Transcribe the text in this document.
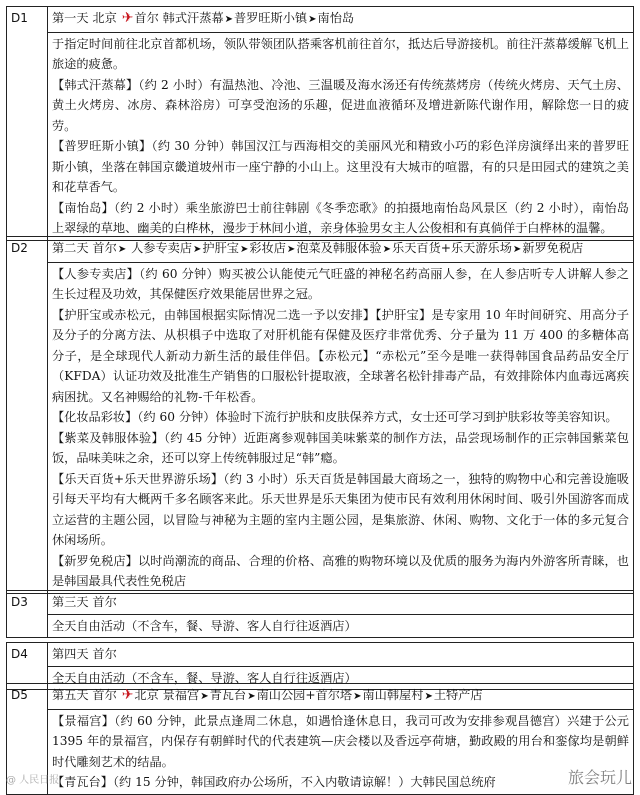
D1	第一天 北京 ✈首尔 韩式汗蒸幕➤普罗旺斯小镇➤南怡岛

于指定时间前往北京首都机场，领队带领团队搭乘客机前往首尔，抵达后导游接机。前往汗蒸幕缓解飞机上旅途的疲惫。

【韩式汗蒸幕】（约 2 小时）有温热池、冷池、三温暖及海水汤还有传统蒸烤房（传统火烤房、天气土房、黄土火烤房、冰房、森林浴房）可享受泡汤的乐趣，促进血液循环及增进新陈代谢作用，解除您一日的疲劳。

【普罗旺斯小镇】（约 30 分钟）韩国汉江与西海相交的美丽风光和精致小巧的彩色洋房演绎出来的普罗旺斯小镇，坐落在韩国京畿道坡州市一座宁静的小山上。这里没有大城市的喧嚣，有的只是田园式的建筑之美和花草香气。

【南怡岛】（约 2 小时）乘坐旅游巴士前往韩剧《冬季恋歌》的拍摄地南怡岛风景区（约 2 小时），南怡岛上翠绿的草地、幽美的白桦林，漫步于林间小道，亲身体验男女主人公俊相和有真倘佯于白桦林的温馨。

D2	第二天 首尔➤ 人参专卖店➤护肝宝➤彩妆店➤泡菜及韩服体验➤乐天百货+乐天游乐场➤新罗免税店

【人参专卖店】（约 60 分钟）购买被公认能使元气旺盛的神秘名药高丽人参，在人参店听专人讲解人参之生长过程及功效，其保健医疗效果能居世界之冠。

【护肝宝或赤松元，由韩国根据实际情况二选一予以安排】【护肝宝】是专家用 10 年时间研究、用高分子及分子的分离方法、从枳椇子中选取了对肝机能有保健及医疗非常优秀、分子量为 11 万 400 的多糖体高分子，是全球现代人新动力新生活的最佳伴侣。【赤松元】“赤松元”至今是唯一获得韩国食品药品安全厅（KFDA）认证功效及批准生产销售的口服松针提取液，全球著名松针排毒产品，有效排除体内血毒远离疾病困扰。又名神赐给的礼物-千年松香。

【化妆品彩妆】（约 60 分钟）体验时下流行护肤和皮肤保养方式，女士还可学习到护肤彩妆等美容知识。

【紫菜及韩服体验】（约 45 分钟）近距离参观韩国美味紫菜的制作方法，品尝现场制作的正宗韩国紫菜包饭，品味美味之余，还可以穿上传统韩服过足“韩”瘾。

【乐天百货+乐天世界游乐场】（约 3 小时）乐天百货是韩国最大商场之一，独特的购物中心和完善设施吸引每天平均有大概两千多名顾客来此。乐天世界是乐天集团为使市民有效利用休闲时间、吸引外国游客而成立运营的主题公园，以冒险与神秘为主题的室内主题公园，是集旅游、休闲、购物、文化于一体的多元复合休闲场所。

【新罗免税店】以时尚潮流的商品、合理的价格、高雅的购物环境以及优质的服务为海内外游客所青睐，也是韩国最具代表性免税店

D3	第三天 首尔

全天自由活动（不含车，餐、导游、客人自行往返酒店）

D4	第四天 首尔

全天自由活动（不含车，餐、导游、客人自行往返酒店）

D5	第五天 首尔 ✈北京 景福宫➤青瓦台➤南山公园+首尔塔➤南山韩屋村➤土特产店

【景福宫】（约 60 分钟，此景点逢周二休息，如遇恰逢休息日，我司可改为安排参观昌德宫）兴建于公元 1395 年的景福宫，内保存有朝鲜时代的代表建筑—庆会楼以及香远亭荷塘，勤政殿的用台和銮傢均是朝鲜时代雕刻艺术的结晶。

【青瓦台】（约 15 分钟，韩国政府办公场所，不入内敬请谅解！）大韩民国总统府

@ 人民日报	旅会玩儿
